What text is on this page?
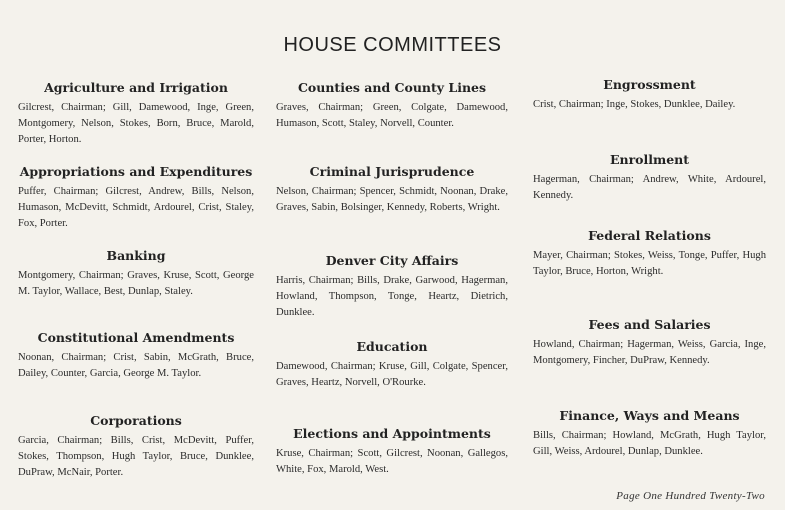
HOUSE COMMITTEES
Agriculture and Irrigation

Gilcrest, Chairman; Gill, Damewood, Inge, Green, Montgomery, Nelson, Stokes, Born, Bruce, Marold, Porter, Horton.

Appropriations and Expenditures

Puffer, Chairman; Gilcrest, Andrew, Bills, Nelson, Humason, McDevitt, Schmidt, Ardourel, Crist, Staley, Fox, Porter.

Banking

Montgomery, Chairman; Graves, Kruse, Scott, George M. Taylor, Wallace, Best, Dunlap, Staley.

Constitutional Amendments

Noonan, Chairman; Crist, Sabin, McGrath, Bruce, Dailey, Counter, Garcia, George M. Taylor.

Corporations

Garcia, Chairman; Bills, Crist, McDevitt, Puffer, Stokes, Thompson, Hugh Taylor, Bruce, Dunklee, DuPraw, McNair, Porter.

Counties and County Lines

Graves, Chairman; Green, Colgate, Damewood, Humason, Scott, Staley, Norvell, Counter.

Criminal Jurisprudence

Nelson, Chairman; Spencer, Schmidt, Noonan, Drake, Graves, Sabin, Bolsinger, Kennedy, Roberts, Wright.

Denver City Affairs

Harris, Chairman; Bills, Drake, Garwood, Hagerman, Howland, Thompson, Tonge, Heartz, Dietrich, Dunklee.

Education

Damewood, Chairman; Kruse, Gill, Colgate, Spencer, Graves, Heartz, Norvell, O'Rourke.

Elections and Appointments

Kruse, Chairman; Scott, Gilcrest, Noonan, Gallegos, White, Fox, Marold, West.

Engrossment

Crist, Chairman; Inge, Stokes, Dunklee, Dailey.

Enrollment

Hagerman, Chairman; Andrew, White, Ardourel, Kennedy.

Federal Relations

Mayer, Chairman; Stokes, Weiss, Tonge, Puffer, Hugh Taylor, Bruce, Horton, Wright.

Fees and Salaries

Howland, Chairman; Hagerman, Weiss, Garcia, Inge, Montgomery, Fincher, DuPraw, Kennedy.

Finance, Ways and Means

Bills, Chairman; Howland, McGrath, Hugh Taylor, Gill, Weiss, Ardourel, Dunlap, Dunklee.

Page One Hundred Twenty-Two
